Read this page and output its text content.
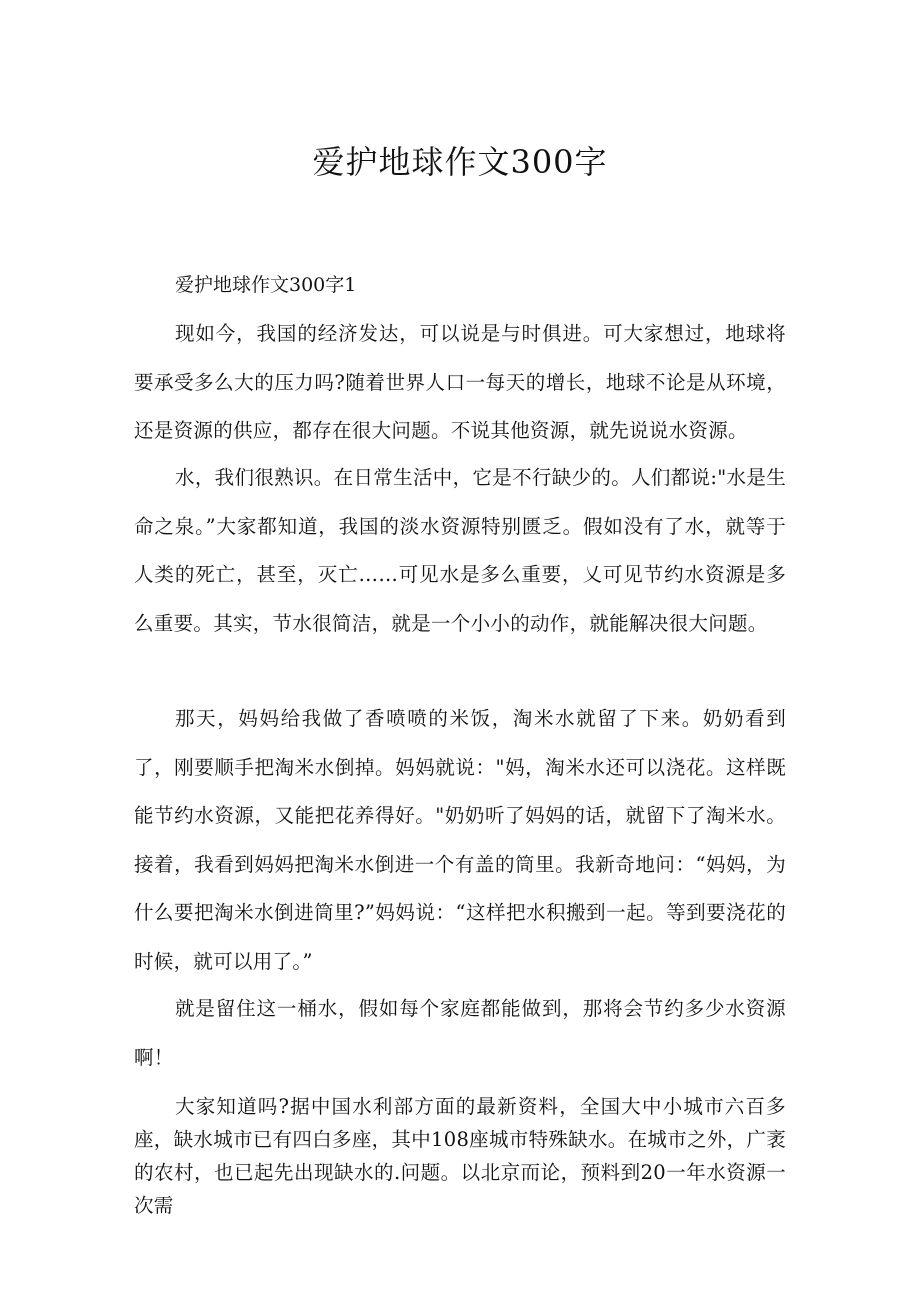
爱护地球作文300字
爱护地球作文300字1

现如今，我国的经济发达，可以说是与时俱进。可大家想过，地球将要承受多么大的压力吗?随着世界人口一每天的增长，地球不论是从环境，还是资源的供应，都存在很大问题。不说其他资源，就先说说水资源。

水，我们很熟识。在日常生活中，它是不行缺少的。人们都说:"水是生命之泉。”大家都知道，我国的淡水资源特别匮乏。假如没有了水，就等于人类的死亡，甚至，灭亡……可见水是多么重要，乂可见节约水资源是多么重要。其实，节水很简洁，就是一个小小的动作，就能解决很大问题。

那天，妈妈给我做了香喷喷的米饭，淘米水就留了下来。奶奶看到了，刚要顺手把淘米水倒掉。妈妈就说："妈，淘米水还可以浇花。这样既能节约水资源，又能把花养得好。"奶奶听了妈妈的话，就留下了淘米水。接着，我看到妈妈把淘米水倒进一个有盖的筒里。我新奇地问：“妈妈，为什么要把淘米水倒进筒里?”妈妈说：“这样把水积搬到一起。等到要浇花的时候，就可以用了。”

就是留住这一桶水，假如每个家庭都能做到，那将会节约多少水资源啊！

大家知道吗?据中国水利部方面的最新资料，全国大中小城市六百多座，缺水城市已有四白多座，其中108座城市特殊缺水。在城市之外，广袤的农村，也已起先出现缺水的.问题。以北京而论，预料到20一年水资源一次需
